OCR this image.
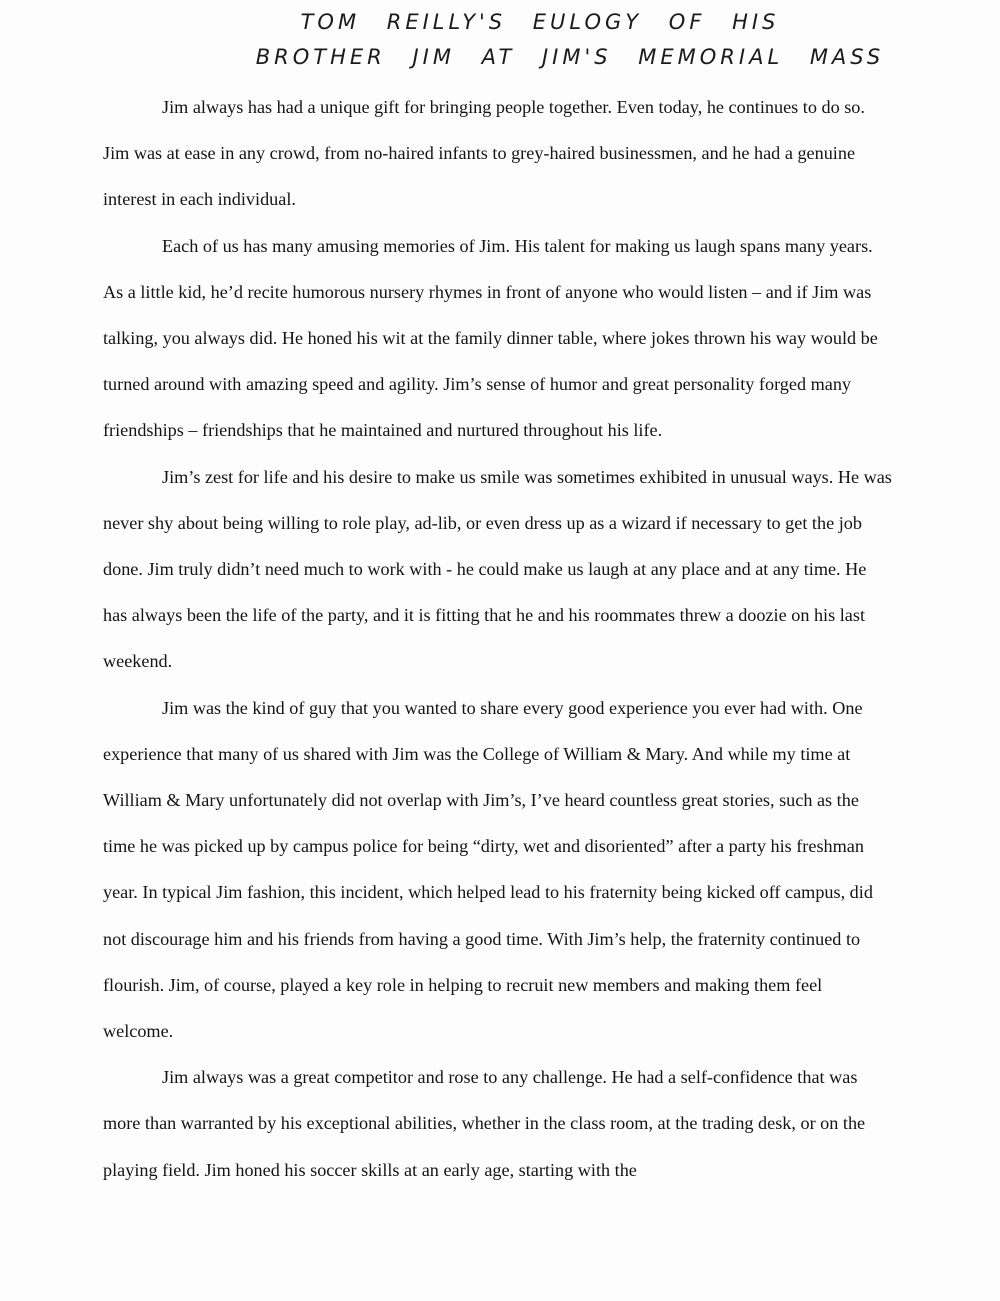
TOM REILLY'S EULOGY OF HIS
BROTHER JIM AT JIM'S MEMORIAL MASS

Jim always has had a unique gift for bringing people together. Even today, he continues to do so. Jim was at ease in any crowd, from no-haired infants to grey-haired businessmen, and he had a genuine interest in each individual.

Each of us has many amusing memories of Jim. His talent for making us laugh spans many years. As a little kid, he’d recite humorous nursery rhymes in front of anyone who would listen – and if Jim was talking, you always did. He honed his wit at the family dinner table, where jokes thrown his way would be turned around with amazing speed and agility. Jim’s sense of humor and great personality forged many friendships – friendships that he maintained and nurtured throughout his life.

Jim’s zest for life and his desire to make us smile was sometimes exhibited in unusual ways. He was never shy about being willing to role play, ad-lib, or even dress up as a wizard if necessary to get the job done. Jim truly didn’t need much to work with - he could make us laugh at any place and at any time. He has always been the life of the party, and it is fitting that he and his roommates threw a doozie on his last weekend.

Jim was the kind of guy that you wanted to share every good experience you ever had with. One experience that many of us shared with Jim was the College of William & Mary. And while my time at William & Mary unfortunately did not overlap with Jim’s, I’ve heard countless great stories, such as the time he was picked up by campus police for being “dirty, wet and disoriented” after a party his freshman year. In typical Jim fashion, this incident, which helped lead to his fraternity being kicked off campus, did not discourage him and his friends from having a good time. With Jim’s help, the fraternity continued to flourish. Jim, of course, played a key role in helping to recruit new members and making them feel welcome.

Jim always was a great competitor and rose to any challenge. He had a self-confidence that was more than warranted by his exceptional abilities, whether in the class room, at the trading desk, or on the playing field. Jim honed his soccer skills at an early age, starting with the
